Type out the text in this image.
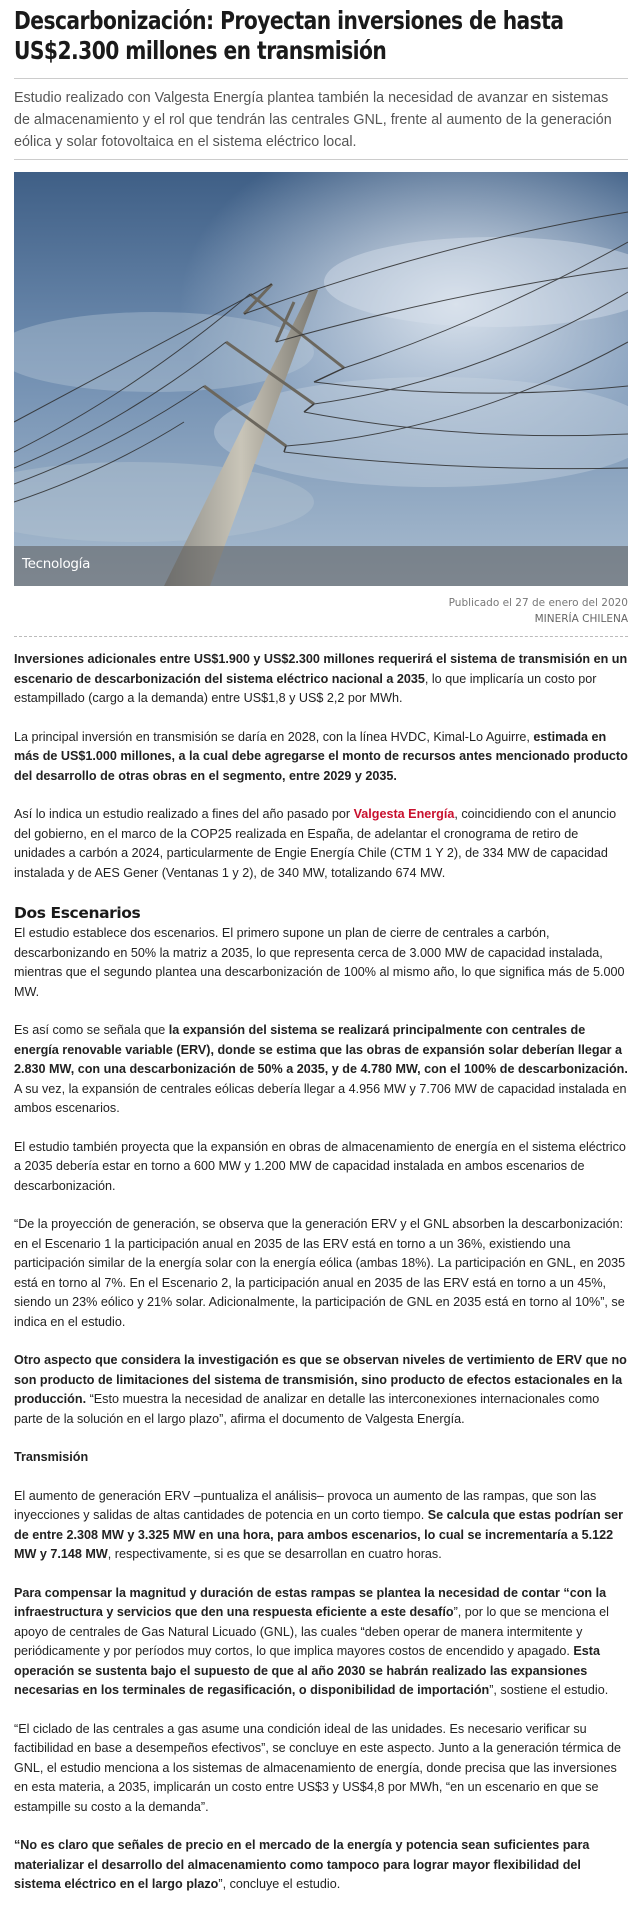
Descarbonización: Proyectan inversiones de hasta US$2.300 millones en transmisión

Estudio realizado con Valgesta Energía plantea también la necesidad de avanzar en sistemas de almacenamiento y el rol que tendrán las centrales GNL, frente al aumento de la generación eólica y solar fotovoltaica en el sistema eléctrico local.

Tecnología
Publicado el 27 de enero del 2020
MINERÍA CHILENA

Inversiones adicionales entre US$1.900 y US$2.300 millones requerirá el sistema de transmisión en un escenario de descarbonización del sistema eléctrico nacional a 2035, lo que implicaría un costo por estampillado (cargo a la demanda) entre US$1,8 y US$ 2,2 por MWh.

La principal inversión en transmisión se daría en 2028, con la línea HVDC, Kimal-Lo Aguirre, estimada en más de US$1.000 millones, a la cual debe agregarse el monto de recursos antes mencionado producto del desarrollo de otras obras en el segmento, entre 2029 y 2035.

Así lo indica un estudio realizado a fines del año pasado por Valgesta Energía, coincidiendo con el anuncio del gobierno, en el marco de la COP25 realizada en España, de adelantar el cronograma de retiro de unidades a carbón a 2024, particularmente de Engie Energía Chile (CTM 1 Y 2), de 334 MW de capacidad instalada y de AES Gener (Ventanas 1 y 2), de 340 MW, totalizando 674 MW.

Dos Escenarios

El estudio establece dos escenarios. El primero supone un plan de cierre de centrales a carbón, descarbonizando en 50% la matriz a 2035, lo que representa cerca de 3.000 MW de capacidad instalada, mientras que el segundo plantea una descarbonización de 100% al mismo año, lo que significa más de 5.000 MW.

Es así como se señala que la expansión del sistema se realizará principalmente con centrales de energía renovable variable (ERV), donde se estima que las obras de expansión solar deberían llegar a 2.830 MW, con una descarbonización de 50% a 2035, y de 4.780 MW, con el 100% de descarbonización. A su vez, la expansión de centrales eólicas debería llegar a 4.956 MW y 7.706 MW de capacidad instalada en ambos escenarios.

El estudio también proyecta que la expansión en obras de almacenamiento de energía en el sistema eléctrico a 2035 debería estar en torno a 600 MW y 1.200 MW de capacidad instalada en ambos escenarios de descarbonización.

“De la proyección de generación, se observa que la generación ERV y el GNL absorben la descarbonización: en el Escenario 1 la participación anual en 2035 de las ERV está en torno a un 36%, existiendo una participación similar de la energía solar con la energía eólica (ambas 18%). La participación en GNL, en 2035 está en torno al 7%. En el Escenario 2, la participación anual en 2035 de las ERV está en torno a un 45%, siendo un 23% eólico y 21% solar. Adicionalmente, la participación de GNL en 2035 está en torno al 10%”, se indica en el estudio.

Otro aspecto que considera la investigación es que se observan niveles de vertimiento de ERV que no son producto de limitaciones del sistema de transmisión, sino producto de efectos estacionales en la producción. “Esto muestra la necesidad de analizar en detalle las interconexiones internacionales como parte de la solución en el largo plazo”, afirma el documento de Valgesta Energía.

Transmisión

El aumento de generación ERV –puntualiza el análisis– provoca un aumento de las rampas, que son las inyecciones y salidas de altas cantidades de potencia en un corto tiempo. Se calcula que estas podrían ser de entre 2.308 MW y 3.325 MW en una hora, para ambos escenarios, lo cual se incrementaría a 5.122 MW y 7.148 MW, respectivamente, si es que se desarrollan en cuatro horas.

Para compensar la magnitud y duración de estas rampas se plantea la necesidad de contar “con la infraestructura y servicios que den una respuesta eficiente a este desafío”, por lo que se menciona el apoyo de centrales de Gas Natural Licuado (GNL), las cuales “deben operar de manera intermitente y periódicamente y por períodos muy cortos, lo que implica mayores costos de encendido y apagado. Esta operación se sustenta bajo el supuesto de que al año 2030 se habrán realizado las expansiones necesarias en los terminales de regasificación, o disponibilidad de importación”, sostiene el estudio.

“El ciclado de las centrales a gas asume una condición ideal de las unidades. Es necesario verificar su factibilidad en base a desempeños efectivos”, se concluye en este aspecto. Junto a la generación térmica de GNL, el estudio menciona a los sistemas de almacenamiento de energía, donde precisa que las inversiones en esta materia, a 2035, implicarán un costo entre US$3 y US$4,8 por MWh, “en un escenario en que se estampille su costo a la demanda”.

“No es claro que señales de precio en el mercado de la energía y potencia sean suficientes para materializar el desarrollo del almacenamiento como tampoco para lograr mayor flexibilidad del sistema eléctrico en el largo plazo”, concluye el estudio.
